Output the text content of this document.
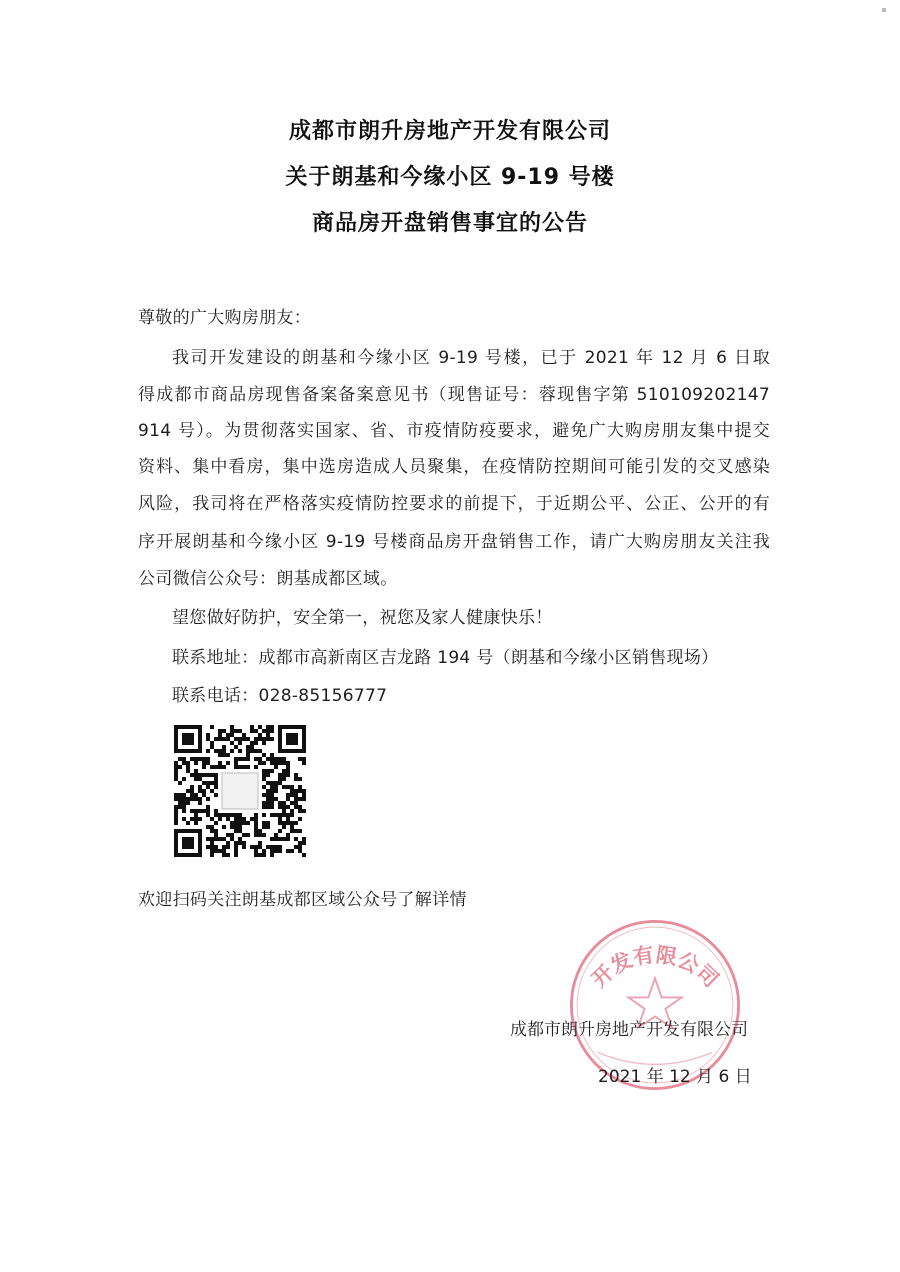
成都市朗升房地产开发有限公司
关于朗基和今缘小区 9-19 号楼
商品房开盘销售事宜的公告
尊敬的广大购房朋友：
我司开发建设的朗基和今缘小区 9-19 号楼，已于 2021 年 12 月 6 日取
得成都市商品房现售备案备案意见书（现售证号：蓉现售字第 510109202147
914 号）。为贯彻落实国家、省、市疫情防疫要求，避免广大购房朋友集中提交
资料、集中看房，集中选房造成人员聚集，在疫情防控期间可能引发的交叉感染
风险，我司将在严格落实疫情防控要求的前提下，于近期公平、公正、公开的有
序开展朗基和今缘小区 9-19 号楼商品房开盘销售工作，请广大购房朋友关注我
公司微信公众号：朗基成都区域。
望您做好防护，安全第一，祝您及家人健康快乐！
联系地址：成都市高新南区吉龙路 194 号（朗基和今缘小区销售现场）
联系电话：028-85156777
欢迎扫码关注朗基成都区域公众号了解详情
开发有限公司
成都市朗升房地产开发有限公司
2021 年 12 月 6 日
